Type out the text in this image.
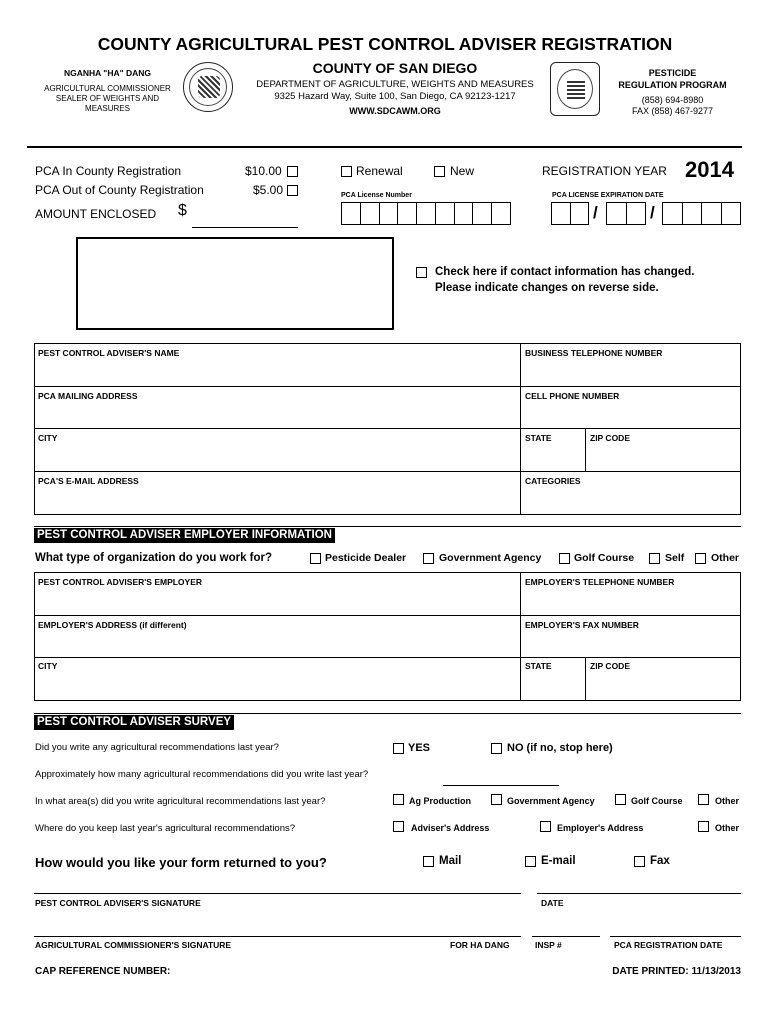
COUNTY AGRICULTURAL PEST CONTROL ADVISER REGISTRATION
NGANHA "HA" DANG
AGRICULTURAL COMMISSIONER
SEALER OF WEIGHTS AND
MEASURES
COUNTY OF SAN DIEGO
DEPARTMENT OF AGRICULTURE, WEIGHTS AND MEASURES
9325 Hazard Way, Suite 100, San Diego, CA 92123-1217
WWW.SDCAWM.ORG
PESTICIDE
REGULATION PROGRAM
(858) 694-8980
FAX (858) 467-9277
PCA In County Registration	$10.00
PCA Out of County Registration	$5.00
AMOUNT ENCLOSED $
Renewal	New
PCA License Number
REGISTRATION YEAR 2014
PCA LICENSE EXPIRATION DATE
/	/
Check here if contact information has changed.
Please indicate changes on reverse side.
PEST CONTROL ADVISER'S NAME	BUSINESS TELEPHONE NUMBER
PCA MAILING ADDRESS	CELL PHONE NUMBER
CITY	STATE	ZIP CODE
PCA'S E-MAIL ADDRESS	CATEGORIES
PEST CONTROL ADVISER EMPLOYER INFORMATION
What type of organization do you work for?	Pesticide Dealer	Government Agency	Golf Course	Self	Other
PEST CONTROL ADVISER'S EMPLOYER	EMPLOYER'S TELEPHONE NUMBER
EMPLOYER'S ADDRESS (if different)	EMPLOYER'S FAX NUMBER
CITY	STATE	ZIP CODE
PEST CONTROL ADVISER SURVEY
Did you write any agricultural recommendations last year?	YES	NO (if no, stop here)
Approximately how many agricultural recommendations did you write last year?
In what area(s) did you write agricultural recommendations last year?	Ag Production	Government Agency	Golf Course	Other
Where do you keep last year's agricultural recommendations?	Adviser's Address	Employer's Address	Other
How would you like your form returned to you?	Mail	E-mail	Fax
PEST CONTROL ADVISER'S SIGNATURE	DATE
AGRICULTURAL COMMISSIONER'S SIGNATURE	FOR HA DANG	INSP #	PCA REGISTRATION DATE
CAP REFERENCE NUMBER:	DATE PRINTED: 11/13/2013
